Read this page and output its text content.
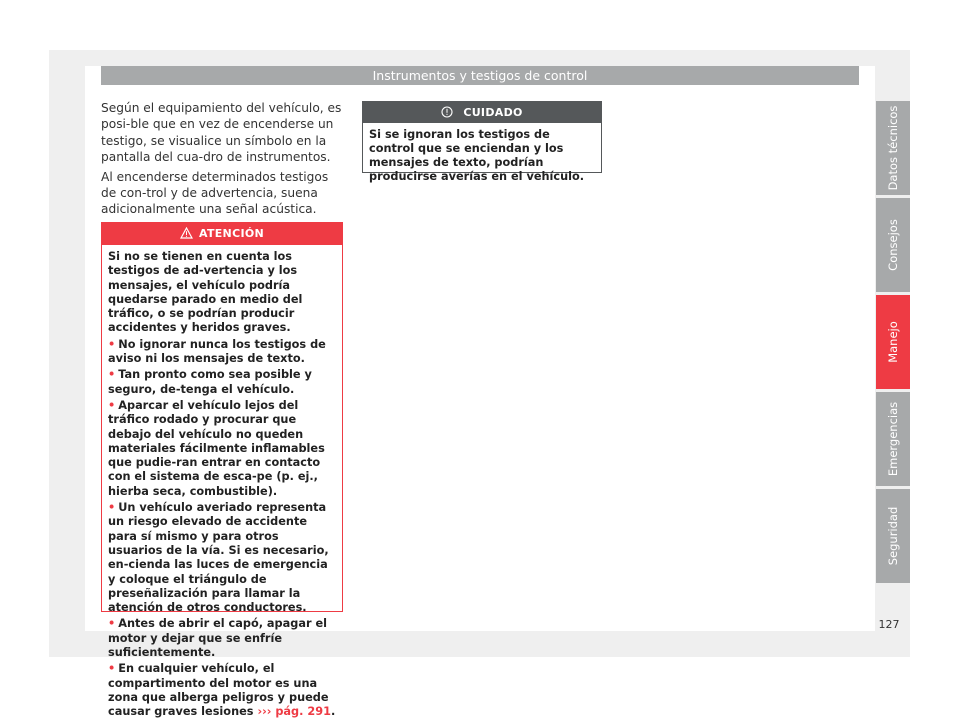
Instrumentos y testigos de control

Según el equipamiento del vehículo, es posi-ble que en vez de encenderse un testigo, se visualice un símbolo en la pantalla del cua-dro de instrumentos.

Al encenderse determinados testigos de con-trol y de advertencia, suena adicionalmente una señal acústica.

ATENCIÓN

Si no se tienen en cuenta los testigos de ad-vertencia y los mensajes, el vehículo podría quedarse parado en medio del tráfico, o se podrían producir accidentes y heridos graves.

• No ignorar nunca los testigos de aviso ni los mensajes de texto.

• Tan pronto como sea posible y seguro, de-tenga el vehículo.

• Aparcar el vehículo lejos del tráfico rodado y procurar que debajo del vehículo no queden materiales fácilmente inflamables que pudie-ran entrar en contacto con el sistema de esca-pe (p. ej., hierba seca, combustible).

• Un vehículo averiado representa un riesgo elevado de accidente para sí mismo y para otros usuarios de la vía. Si es necesario, en-cienda las luces de emergencia y coloque el triángulo de preseñalización para llamar la atención de otros conductores.

• Antes de abrir el capó, apagar el motor y dejar que se enfríe suficientemente.

• En cualquier vehículo, el compartimento del motor es una zona que alberga peligros y puede causar graves lesiones ››› pág. 291.

CUIDADO
Si se ignoran los testigos de control que se enciendan y los mensajes de texto, podrían producirse averías en el vehículo.	Datos técnicos
Consejos
Manejo
Emergencias
Seguridad
127
